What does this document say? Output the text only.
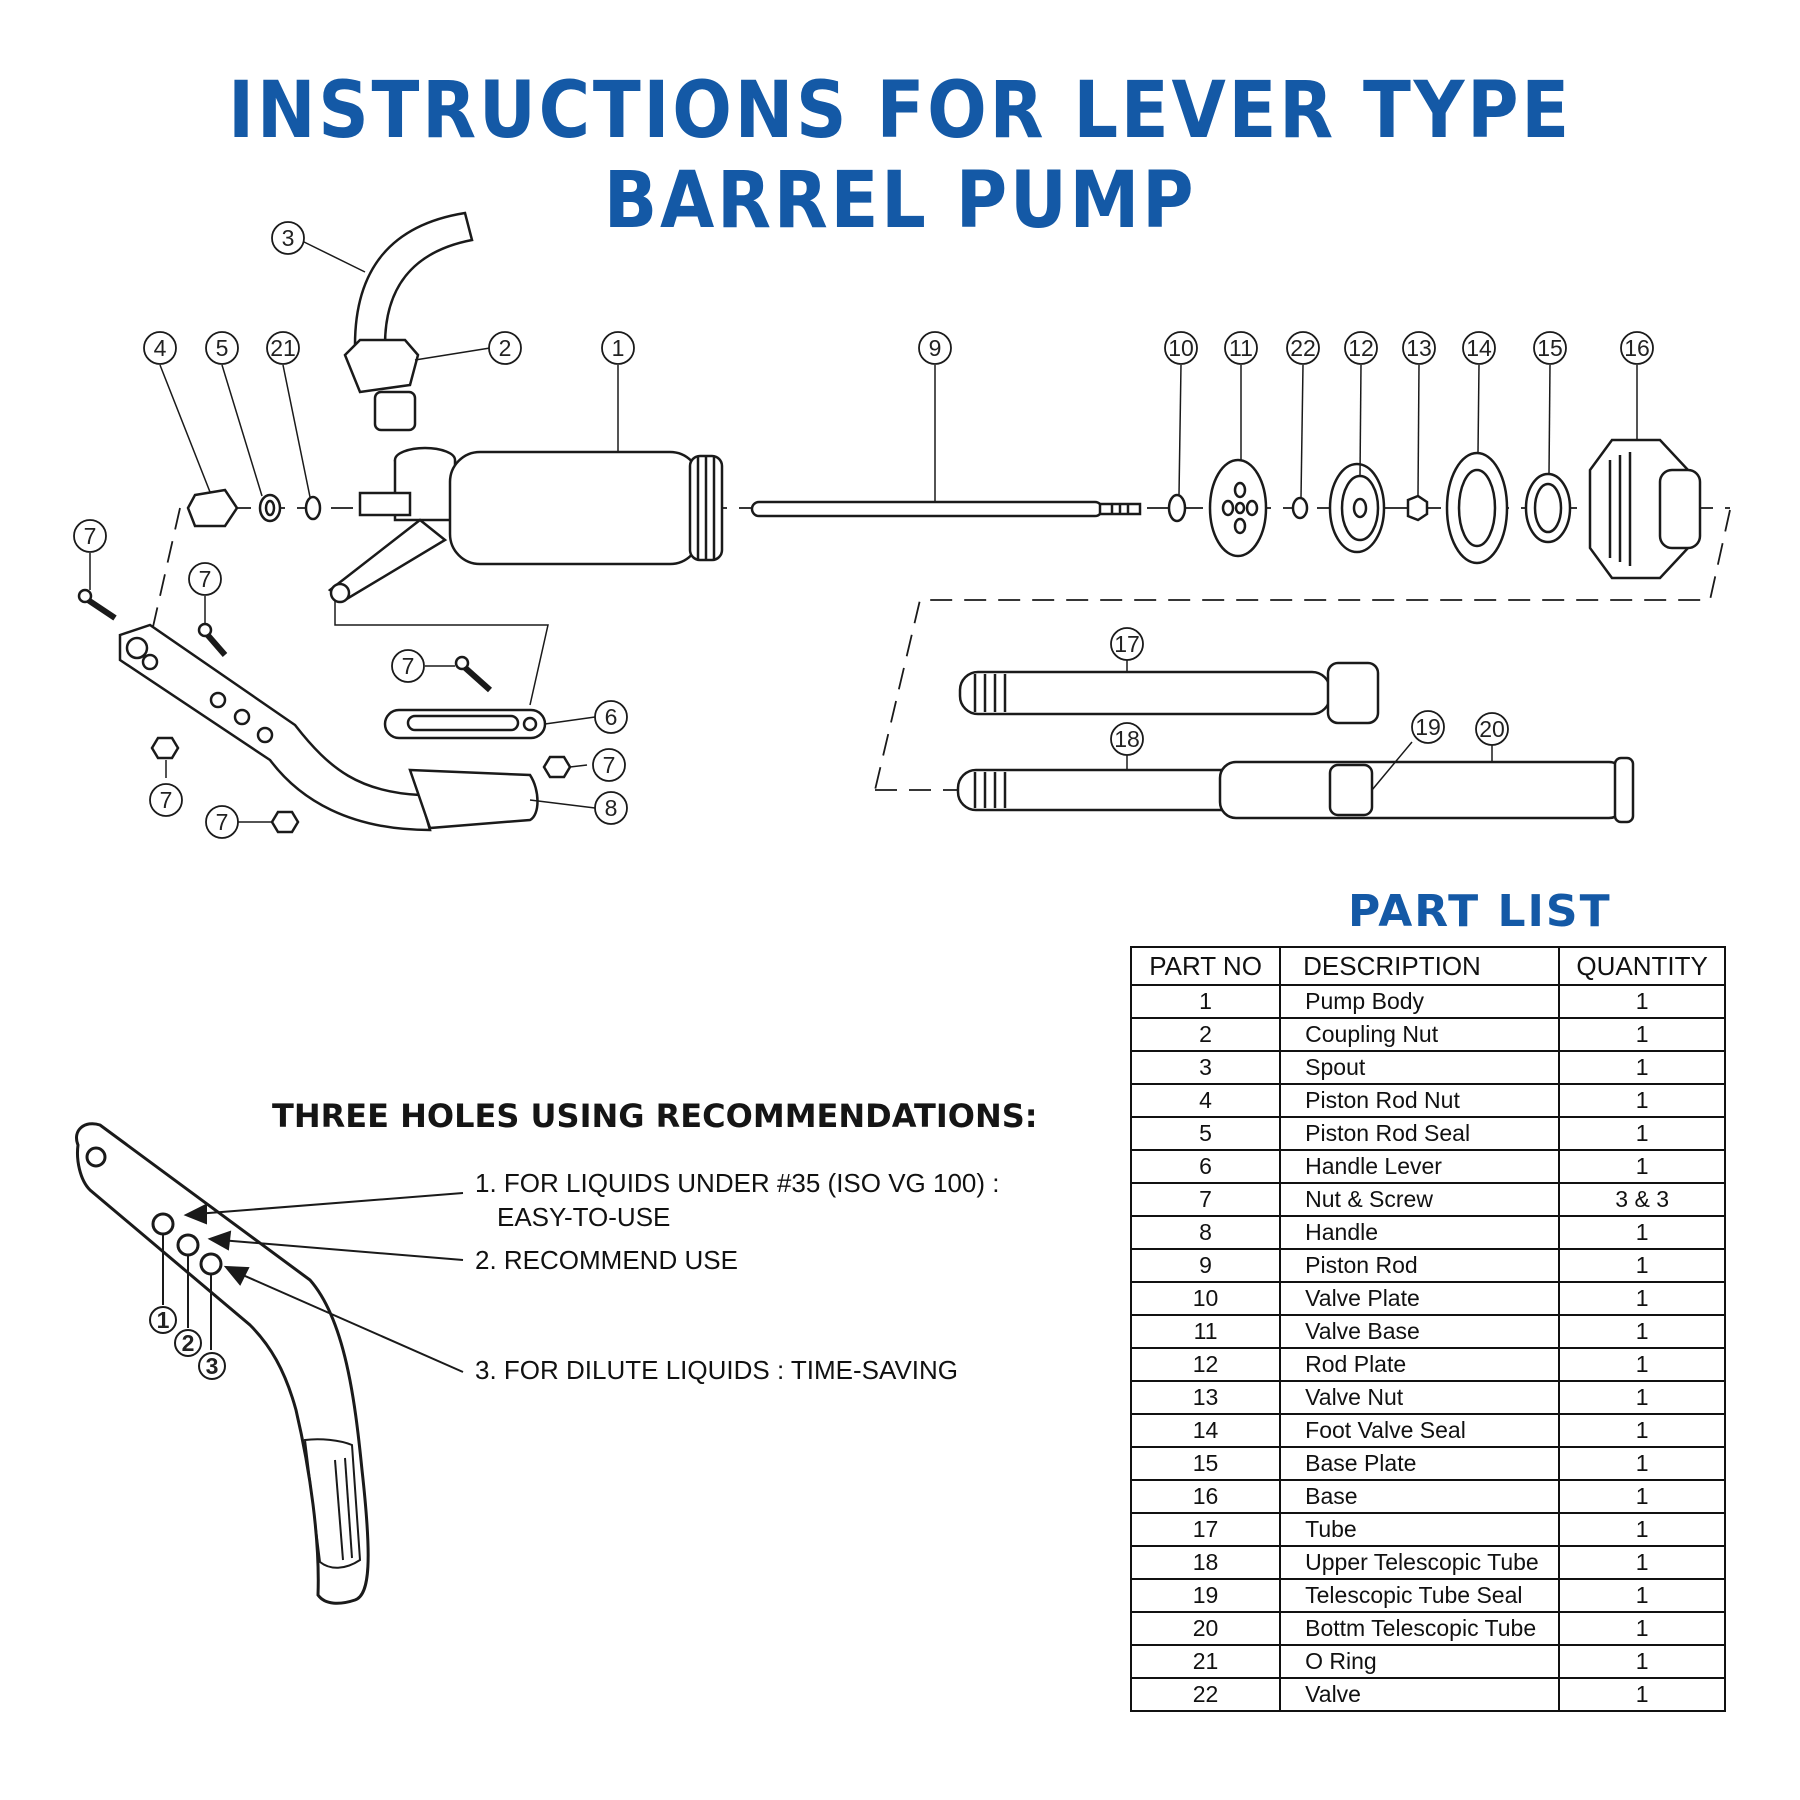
INSTRUCTIONS FOR LEVER TYPE BARREL PUMP
1
2
3
4 5 21	9	10 11 22 12 13 14 15	16
7
7
7
6
7
7
7
8
17
18	19 20
1
2
3
THREE HOLES USING RECOMMENDATIONS:
1. FOR LIQUIDS UNDER #35 (ISO VG 100) :
EASY-TO-USE
2. RECOMMEND USE
3. FOR DILUTE LIQUIDS : TIME-SAVING
PART LIST
PART NO	DESCRIPTION	QUANTITY
1	Pump Body	1
2	Coupling Nut	1
3	Spout	1
4	Piston Rod Nut	1
5	Piston Rod Seal	1
6	Handle Lever	1
7	Nut & Screw	3 & 3
8	Handle	1
9	Piston Rod	1
10	Valve Plate	1
11	Valve Base	1
12	Rod Plate	1
13	Valve Nut	1
14	Foot Valve Seal	1
15	Base Plate	1
16	Base	1
17	Tube	1
18	Upper Telescopic Tube	1
19	Telescopic Tube Seal	1
20	Bottm Telescopic Tube	1
21	O Ring	1
22	Valve	1
